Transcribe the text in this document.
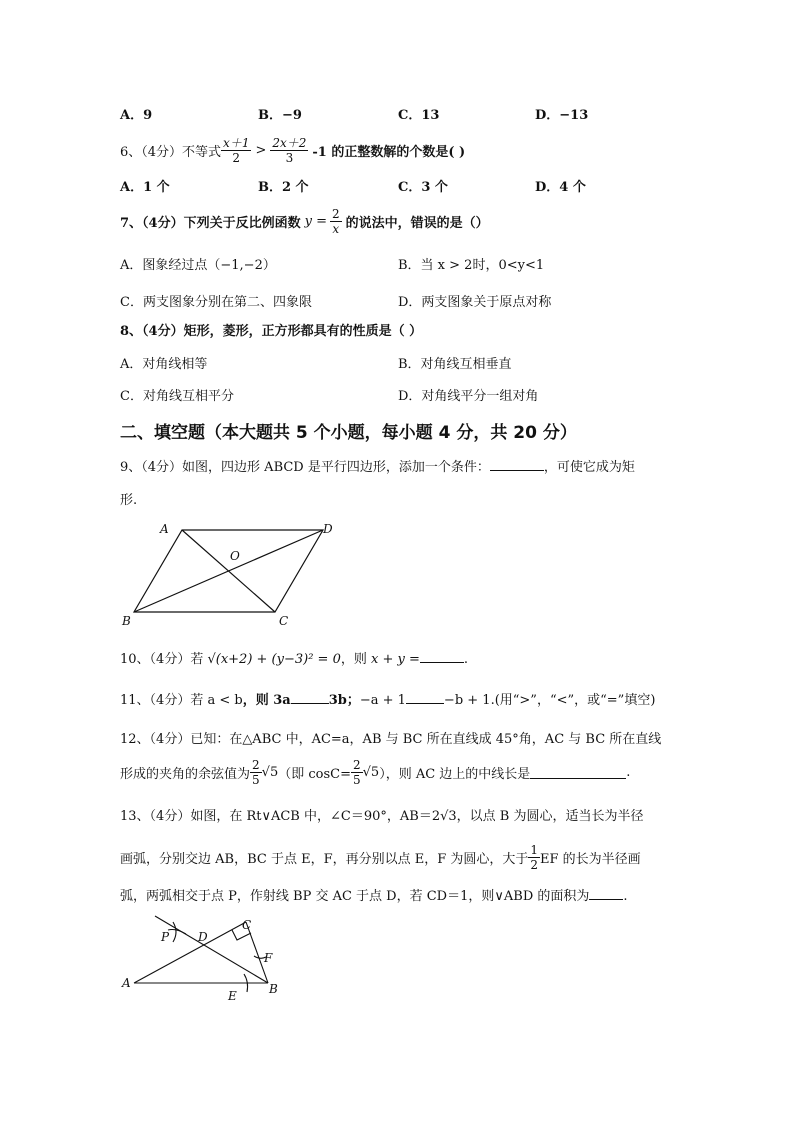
A．9	B．−9	C．13	D．−13
6、（4分）不等式 $\frac{x+1}{2} > \frac{2x+2}{3}$ ‑1 的正整数解的个数是( )
A．1 个	B．2 个	C．3 个	D．4 个
7、（4分）下列关于反比例函数 $y = \frac{2}{x}$ 的说法中，错误的是（）
A．图象经过点（−1,−2）	B．当 x > 2时，0<y<1
C．两支图象分别在第二、四象限	D．两支图象关于原点对称
8、（4分）矩形，菱形，正方形都具有的性质是（ ）
A．对角线相等	B．对角线互相垂直
C．对角线互相平分	D．对角线平分一组对角
二、填空题（本大题共 5 个小题，每小题 4 分，共 20 分）
9、（4分）如图，四边形 ABCD 是平行四边形，添加一个条件：	，可使它成为矩
形.
A	D
O
B	C
10、（4分）若 √(x+2) + (y−3)² = 0，则 x + y =	.
11、（4分）若 a < b，则 3a	3b；−a + 1	−b + 1.(用“>”，“<”，或“=”填空)
12、（4分）已知：在△ABC 中，AC=a，AB 与 BC 所在直线成 45°角，AC 与 BC 所在直线
形成的夹角的余弦值为 $\frac{2}{5} √5$ （即 $\cos C= \frac{2}{5} √5$ ），则 AC 边上的中线长是	.
13、（4分）如图，在 Rt∨ACB 中，∠C＝90°，AB＝2√3，以点 B 为圆心，适当长为半径
画弧，分别交边 AB，BC 于点 E，F，再分别以点 E，F 为圆心，大于 $\frac{1}{2}$ EF 的长为半径画
弧，两弧相交于点 P，作射线 BP 交 AC 于点 D，若 CD＝1，则∨ABD 的面积为	.
P D
C
F
A
E	B
